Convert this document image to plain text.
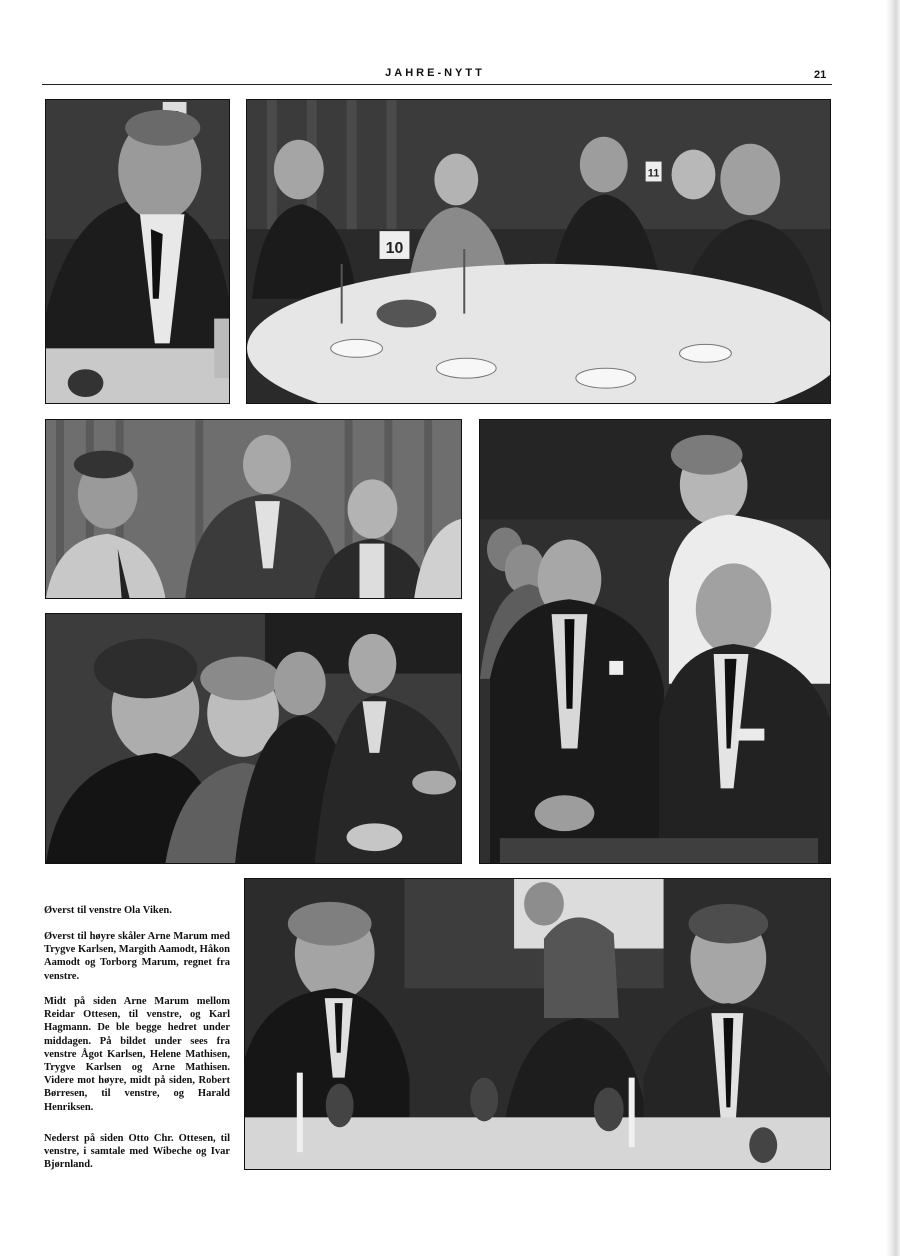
JAHRE-NYTT	21
10
11
Øverst til venstre Ola Viken.
Øverst til høyre skåler Arne Marum med Trygve Karlsen, Margith Aamodt, Håkon Aamodt og Torborg Marum, regnet fra venstre.
Midt på siden Arne Marum mellom Reidar Ottesen, til venstre, og Karl Hagmann. De ble begge hedret under middagen. På bildet under sees fra venstre Ågot Karlsen, Helene Mathisen, Trygve Karlsen og Arne Mathisen. Videre mot høyre, midt på siden, Robert Børresen, til venstre, og Harald Henriksen.
Nederst på siden Otto Chr. Ottesen, til venstre, i samtale med Wibeche og Ivar Bjørnland.
